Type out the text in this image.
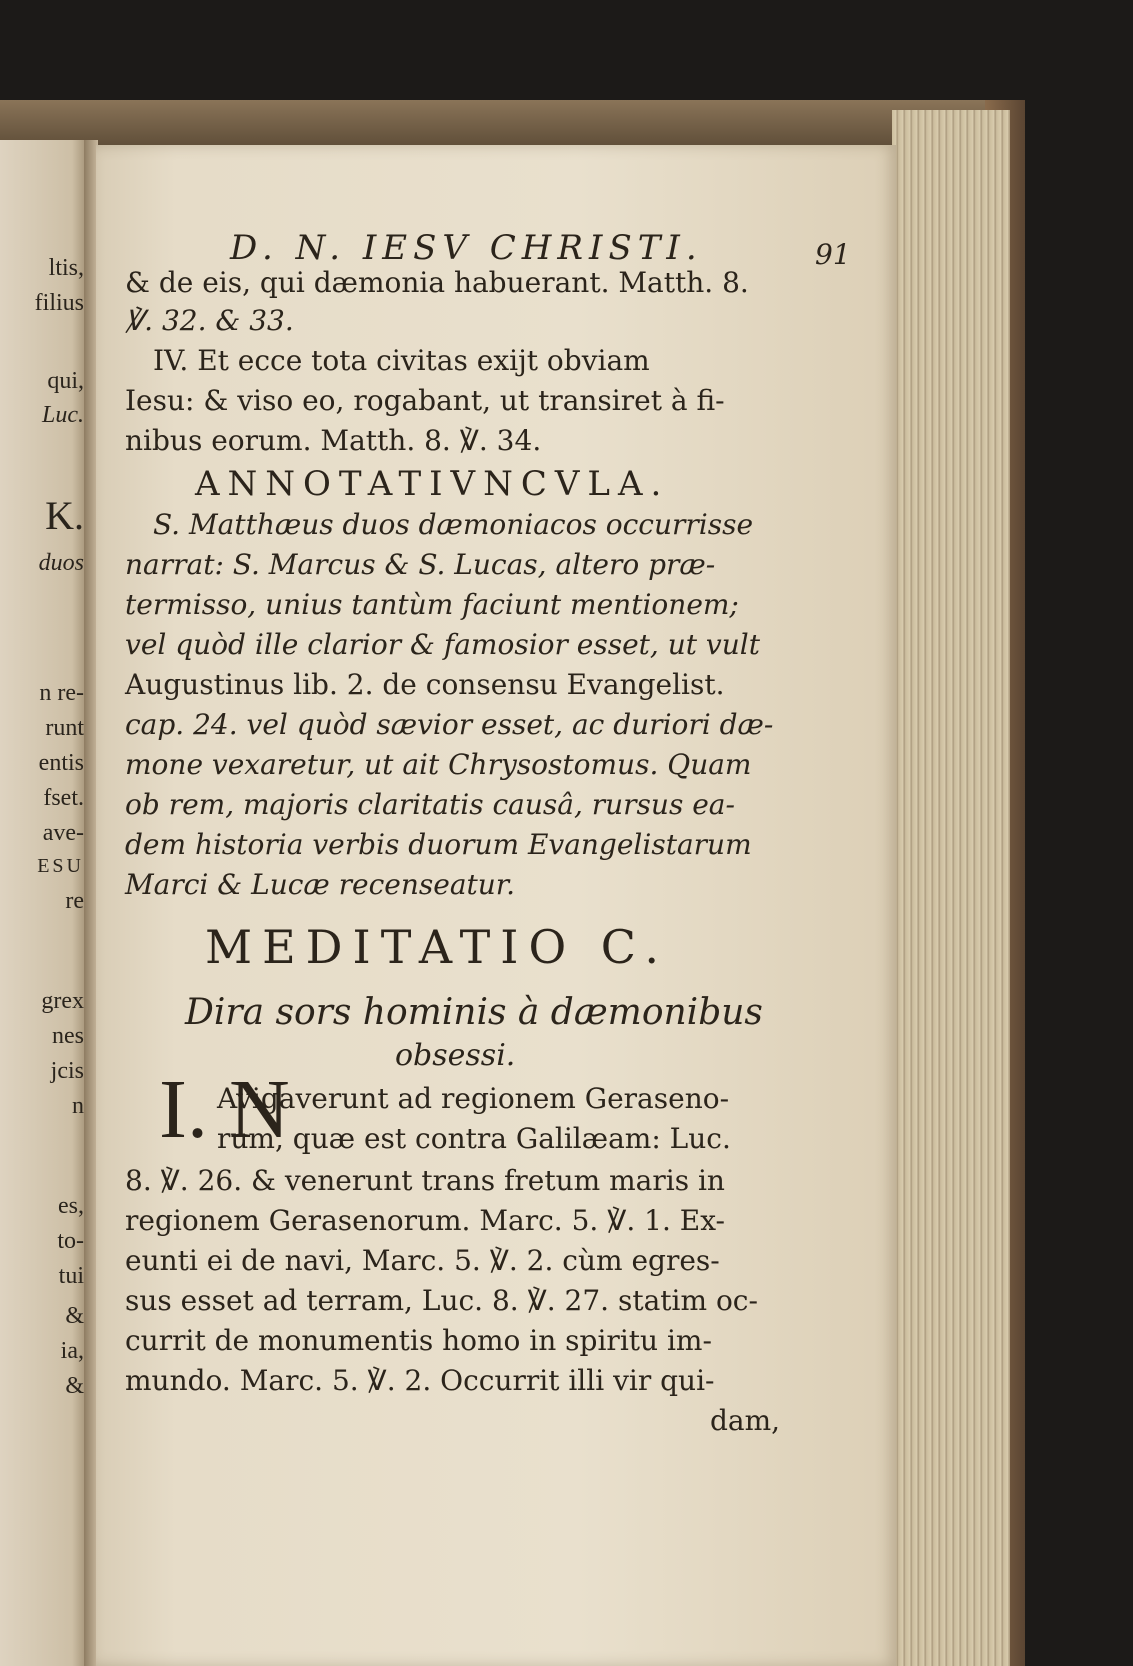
ltis,
filius
qui,
Luc.
K.
duos
n re-
runt
entis
fset.
ave-
ESU
re
grex
nes
jcis
n
es,
to-
tui
&
ia,
&
D. N. IESV CHRISTI.	91
& de eis, qui dæmonia habuerant. Matth. 8.
℣. 32. & 33.
IV. Et ecce tota civitas exijt obviam
Iesu: & viso eo, rogabant, ut transiret à fi-
nibus eorum. Matth. 8. ℣. 34.
ANNOTATIVNCVLA.
S. Matthæus duos dæmoniacos occurrisse
narrat: S. Marcus & S. Lucas, altero præ-
termisso, unius tantùm faciunt mentionem;
vel quòd ille clarior & famosior esset, ut vult
Augustinus lib. 2. de consensu Evangelist.
cap. 24. vel quòd sævior esset, ac duriori dæ-
mone vexaretur, ut ait Chrysostomus. Quam
ob rem, majoris claritatis causâ, rursus ea-
dem historia verbis duorum Evangelistarum
Marci & Lucæ recenseatur.
MEDITATIO C.
Dira sors hominis à dæmonibus
obsessi.
I. N
Avigaverunt ad regionem Geraseno-
rum, quæ est contra Galilæam: Luc.
8. ℣. 26. & venerunt trans fretum maris in
regionem Gerasenorum. Marc. 5. ℣. 1. Ex-
eunti ei de navi, Marc. 5. ℣. 2. cùm egres-
sus esset ad terram, Luc. 8. ℣. 27. statim oc-
currit de monumentis homo in spiritu im-
mundo. Marc. 5. ℣. 2. Occurrit illi vir qui-
dam,
